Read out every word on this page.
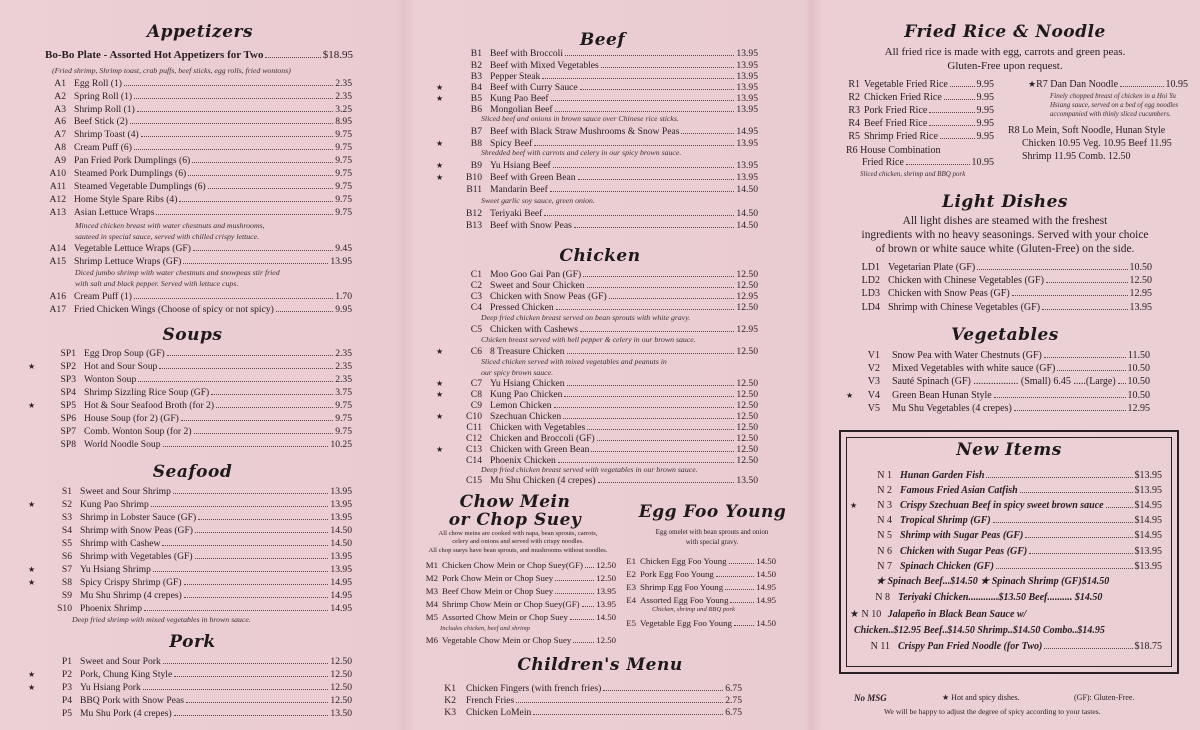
Appetizers
Bo-Bo Plate - Assorted Hot Appetizers for Two	$18.95
(Fried shrimp, Shrimp toast, crab puffs, beef sticks, egg rolls, fried wontons)
Minced chicken breast with water chestnuts and mushrooms,
sauteed in special sauce, served with chilled crispy lettuce.
Diced jumbo shrimp with water chestnuts and snowpeas stir fried
with salt and black pepper. Served with lettuce cups.
Soups
Seafood
Deep fried shrimp with mixed vegetables in brown sauce.
Pork
A1 Egg Roll (1)	2.35
A2 Spring Roll (1)	2.35
A3 Shrimp Roll (1)	3.25
A6 Beef Stick (2)	8.95
A7 Shrimp Toast (4)	9.75
A8 Cream Puff (6)	9.75
A9 Pan Fried Pork Dumplings (6)	9.75
A10 Steamed Pork Dumplings (6)	9.75
A11 Steamed Vegetable Dumplings (6)	9.75
A12 Home Style Spare Ribs (4)	9.75
A13 Asian Lettuce Wraps	9.75
A14 Vegetable Lettuce Wraps (GF)	9.45
A15 Shrimp Lettuce Wraps (GF)	13.95
A16 Cream Puff (1)	1.70
A17 Fried Chicken Wings (Choose of spicy or not spicy)	9.95
SP1 Egg Drop Soup (GF)	2.35
★	SP2 Hot and Sour Soup	2.35
SP3 Wonton Soup	2.35
SP4 Shrimp Sizzling Rice Soup (GF)	3.75
★	SP5 Hot & Sour Seafood Broth (for 2)	9.75
SP6 House Soup (for 2) (GF)	9.75
SP7 Comb. Wonton Soup (for 2)	9.75
SP8 World Noodle Soup	10.25
S1 Sweet and Sour Shrimp	13.95
★	S2 Kung Pao Shrimp	13.95
S3 Shrimp in Lobster Sauce (GF)	13.95
S4 Shrimp with Snow Peas (GF)	14.50
S5 Shrimp with Cashew	14.50
S6 Shrimp with Vegetables (GF)	13.95
★	S7 Yu Hsiang Shrimp	13.95
★	S8 Spicy Crispy Shrimp (GF)	14.95
S9 Mu Shu Shrimp (4 crepes)	14.95
S10 Phoenix Shrimp	14.95
P1 Sweet and Sour Pork	12.50
★	P2 Pork, Chung King Style	12.50
★	P3 Yu Hsiang Pork	12.50
P4 BBQ Pork with Snow Peas	12.50
P5 Mu Shu Pork (4 crepes)	13.50
Beef
Sliced beef and onions in brown sauce over Chinese rice sticks.
Shredded beef with carrots and celery in our spicy brown sauce.
Sweet garlic soy sauce, green onion.
Chicken
Deep fried chicken breast served on bean sprouts with white gravy.
Chicken breast served with bell pepper & celery in our brown sauce.
Sliced chicken served with mixed vegetables and peanuts in
our spicy brown sauce.
Deep fried chicken breast served with vegetables in our brown sauce.
Chow Mein
or Chop Suey
All chow meins are cooked with napa, bean sprouts, carrots,
celery and onions and served with crispy noodles.
All chop sueys have bean sprouts, and mushrooms without noodles.
Includes chicken, beef and shrimp
Egg Foo Young
Egg omelet with bean sprouts and onion
with special gravy.
Chicken, shrimp and BBQ pork
Children's Menu
B1 Beef with Broccoli	13.95
B2 Beef with Mixed Vegetables	13.95
B3 Pepper Steak	13.95
★	B4 Beef with Curry Sauce	13.95
★	B5 Kung Pao Beef	13.95
B6 Mongolian Beef	13.95
B7 Beef with Black Straw Mushrooms & Snow Peas	14.95
★	B8 Spicy Beef	13.95
★	B9 Yu Hsiang Beef	13.95
★	B10 Beef with Green Bean	13.95
B11 Mandarin Beef	14.50
B12 Teriyaki Beef	14.50
B13 Beef with Snow Peas	14.50
C1 Moo Goo Gai Pan (GF)	12.50
C2 Sweet and Sour Chicken	12.50
C3 Chicken with Snow Peas (GF)	12.95
C4 Pressed Chicken	12.50
C5 Chicken with Cashews	12.95
★	C6 8 Treasure Chicken	12.50
★	C7 Yu Hsiang Chicken	12.50
★	C8 Kung Pao Chicken	12.50
C9 Lemon Chicken	12.50
★	C10 Szechuan Chicken	12.50
C11 Chicken with Vegetables	12.50
C12 Chicken and Broccoli (GF)	12.50
★	C13 Chicken with Green Bean	12.50
C14 Phoenix Chicken	12.50
C15 Mu Shu Chicken (4 crepes)	13.50
M1 Chicken Chow Mein or Chop Suey(GF) 12.50
M2 Pork Chow Mein or Chop Suey	12.50
M3 Beef Chow Mein or Chop Suey	13.95
M4 Shrimp Chow Mein or Chop Suey(GF) 13.95
M5 Assorted Chow Mein or Chop Suey	14.50
M6 Vegetable Chow Mein or Chop Suey	12.50
E1 Chicken Egg Foo Young	14.50
E2 Pork Egg Foo Young	14.50
E3 Shrimp Egg Foo Young	14.95
E4 Assorted Egg Foo Young	14.95
E5 Vegetable Egg Foo Young	14.50
K1 Chicken Fingers (with french fries)	6.75
K2 French Fries	2.75
K3 Chicken LoMein	6.75
Fried Rice & Noodle
All fried rice is made with egg, carrots and green peas.
Gluten-Free upon request.
R6 House Combination
Fried Rice	10.95
Sliced chicken, shrimp and BBQ pork
★ R7 Dan Dan Noodle	10.95
Finely chopped breast of chicken in a Hoi Yu
Hsiang sauce, served on a bed of egg noodles
accompanied with thinly sliced cucumbers.
R8 Lo Mein, Soft Noodle, Hunan Style
Chicken 10.95 Veg. 10.95 Beef 11.95
Shrimp 11.95 Comb. 12.50
Light Dishes
All light dishes are steamed with the freshest
ingredients with no heavy seasonings. Served with your choice
of brown or white sauce white (Gluten-Free) on the side.
Vegetables
New Items
★ Spinach Beef...$14.50 ★ Spinach Shrimp (GF)$14.50
N 8 Teriyaki Chicken............$13.50 Beef.......... $14.50
★ N 10 Jalapeño in Black Bean Sauce w/
Chicken..$12.95 Beef..$14.50 Shrimp..$14.50 Combo..$14.95
N 11 Crispy Pan Fried Noodle (for Two)	$18.75
No MSG	★ Hot and spicy dishes.	(GF): Gluten-Free.
We will be happy to adjust the degree of spicy according to your tastes.
R1 Vegetable Fried Rice	9.95
R2 Chicken Fried Rice	9.95
R3 Pork Fried Rice	9.95
R4 Beef Fried Rice	9.95
R5 Shrimp Fried Rice	9.95
LD1 Vegetarian Plate (GF)	10.50
LD2 Chicken with Chinese Vegetables (GF)	12.50
LD3 Chicken with Snow Peas (GF)	12.95
LD4 Shrimp with Chinese Vegetables (GF)	13.95
V1 Snow Pea with Water Chestnuts (GF)	11.50
V2 Mixed Vegetables with white sauce (GF)	10.50
V3 Sauté Spinach (GF) .................. (Small) 6.45 .....(Large) 10.50
★	V4 Green Bean Hunan Style	10.50
V5 Mu Shu Vegetables (4 crepes)	12.95
N 1 Hunan Garden Fish	$13.95
N 2 Famous Fried Asian Catfish	$13.95
★	N 3 Crispy Szechuan Beef in spicy sweet brown sauce	$14.95
N 4 Tropical Shrimp (GF)	$14.95
N 5 Shrimp with Sugar Peas (GF)	$14.95
N 6 Chicken with Sugar Peas (GF)	$13.95
N 7 Spinach Chicken (GF)	$13.95
